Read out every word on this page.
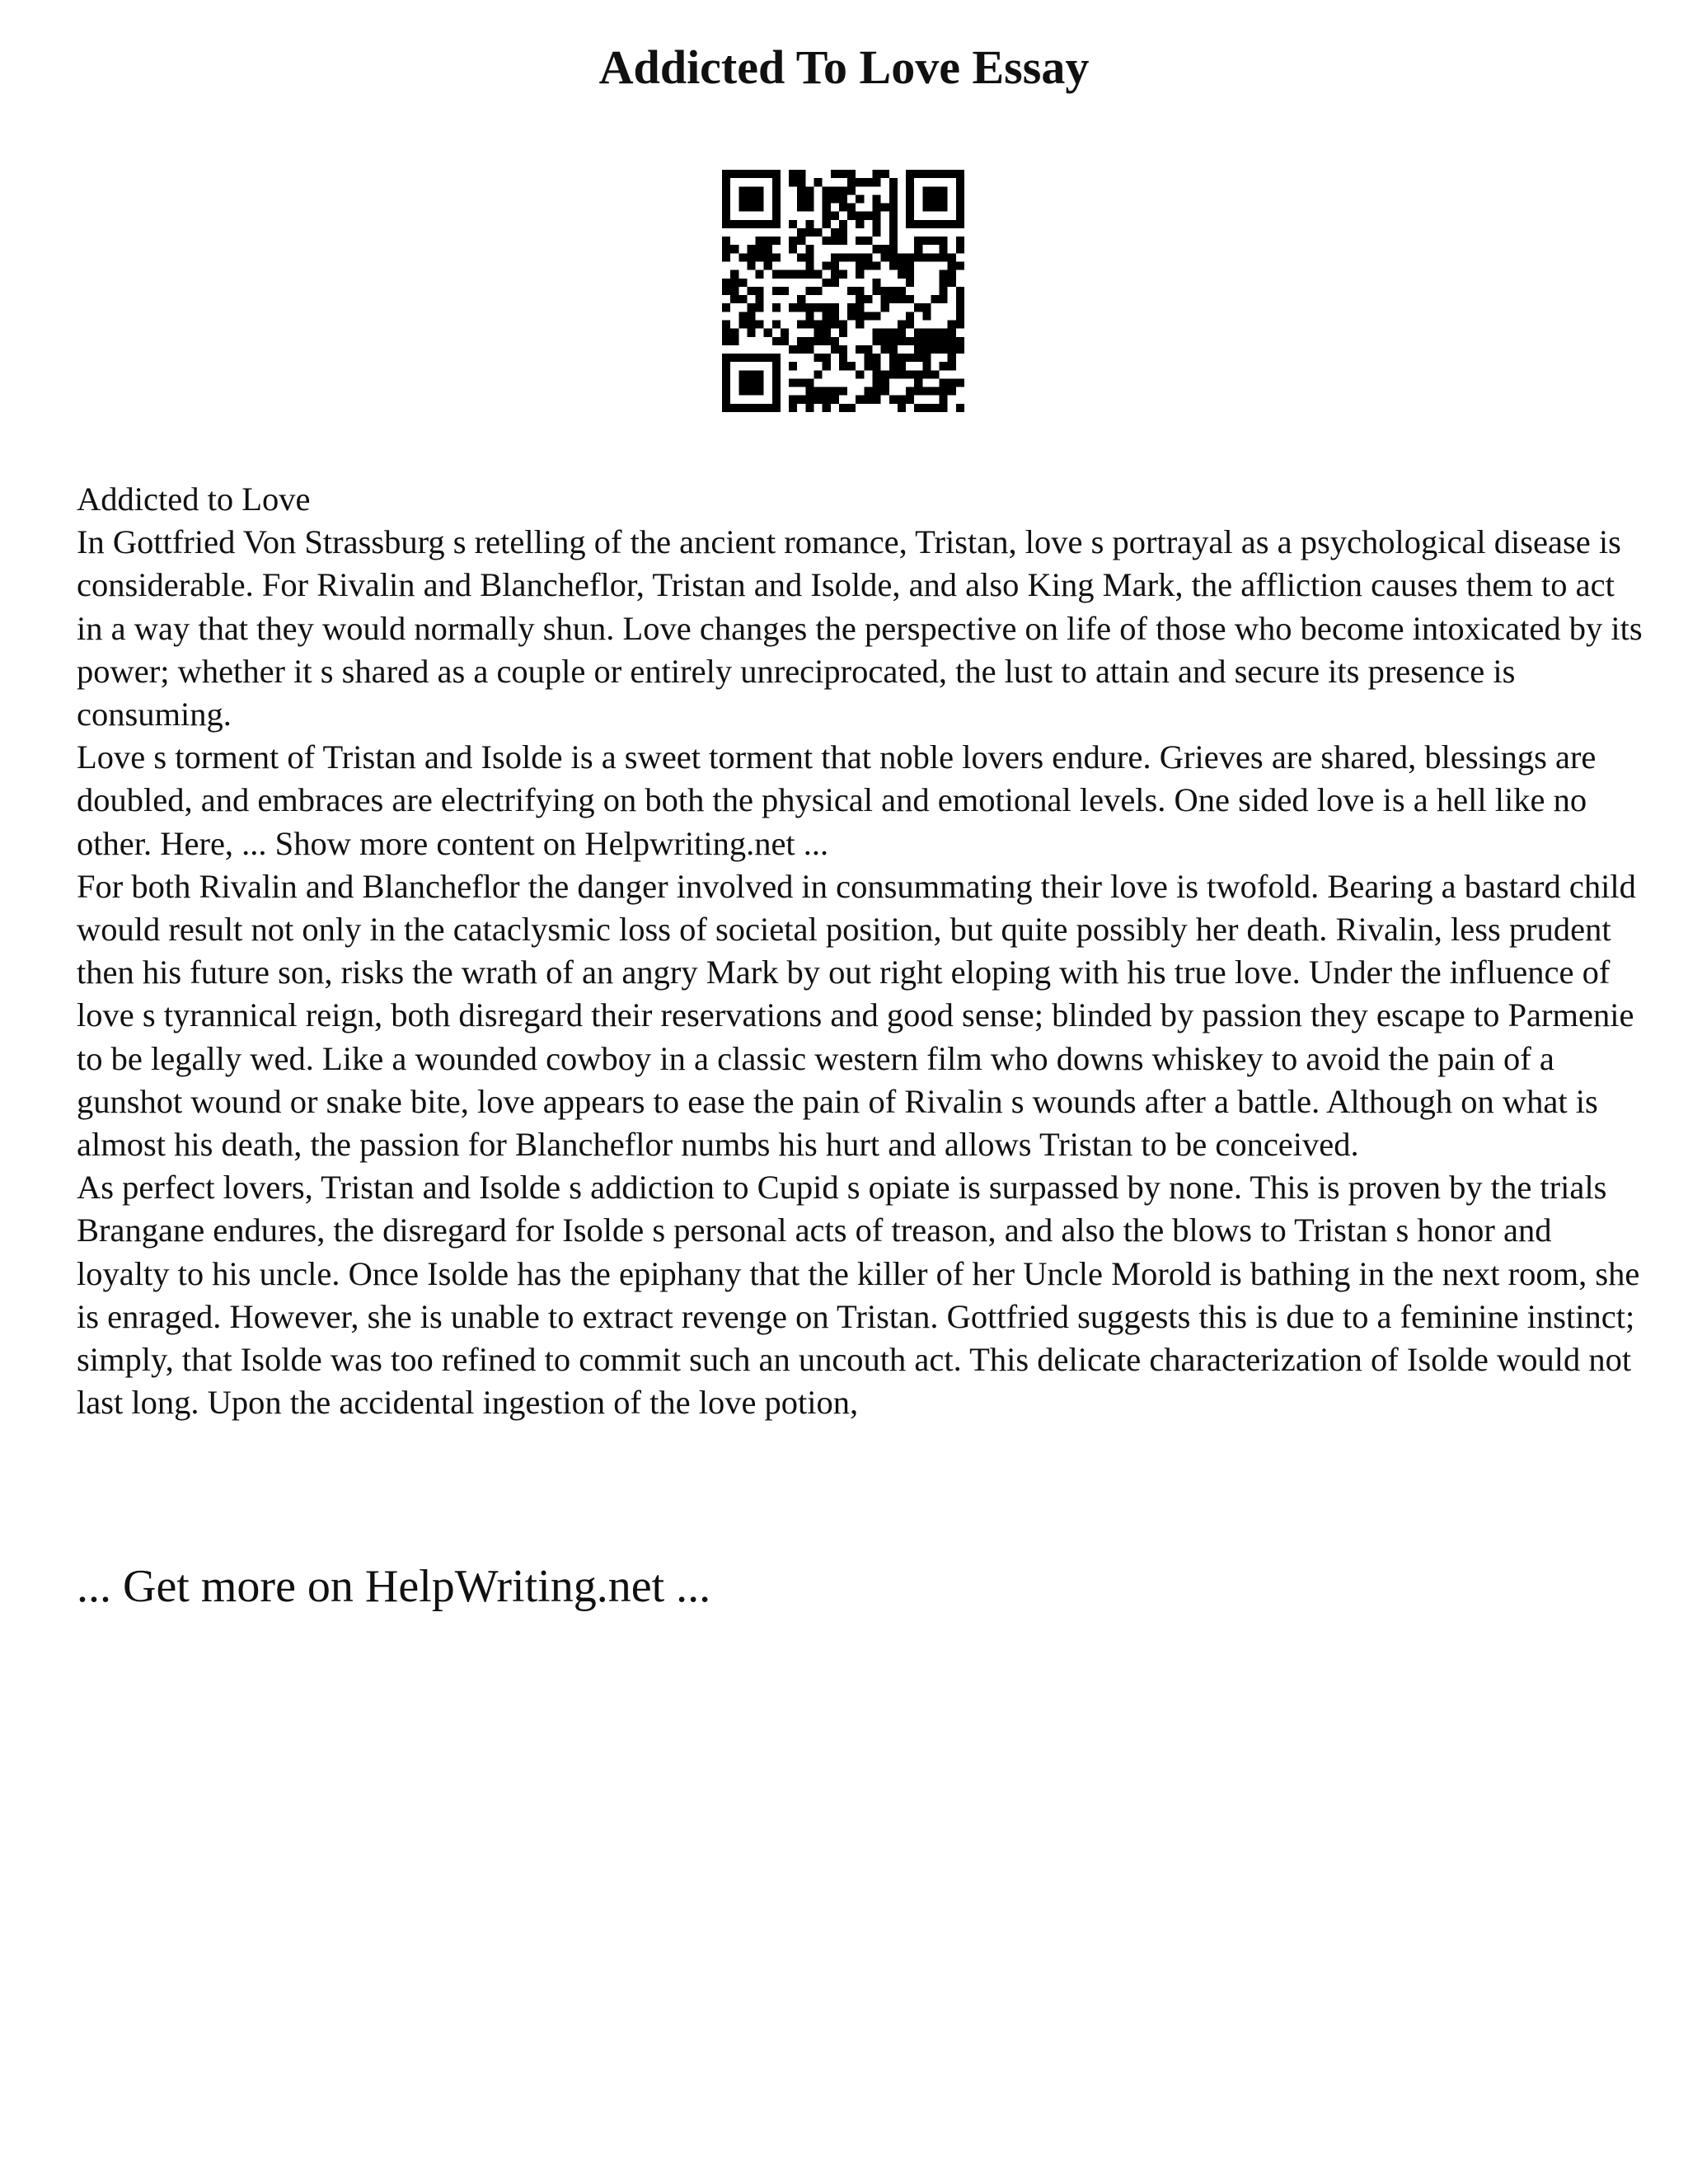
Addicted To Love Essay

Addicted to Love

In Gottfried Von Strassburg s retelling of the ancient romance, Tristan, love s portrayal as a psychological disease is considerable. For Rivalin and Blancheflor, Tristan and Isolde, and also King Mark, the affliction causes them to act in a way that they would normally shun. Love changes the perspective on life of those who become intoxicated by its power; whether it s shared as a couple or entirely unreciprocated, the lust to attain and secure its presence is consuming.

Love s torment of Tristan and Isolde is a sweet torment that noble lovers endure. Grieves are shared, blessings are doubled, and embraces are electrifying on both the physical and emotional levels. One sided love is a hell like no other. Here, ... Show more content on Helpwriting.net ...

For both Rivalin and Blancheflor the danger involved in consummating their love is twofold. Bearing a bastard child would result not only in the cataclysmic loss of societal position, but quite possibly her death. Rivalin, less prudent then his future son, risks the wrath of an angry Mark by out right eloping with his true love. Under the influence of love s tyrannical reign, both disregard their reservations and good sense; blinded by passion they escape to Parmenie to be legally wed. Like a wounded cowboy in a classic western film who downs whiskey to avoid the pain of a gunshot wound or snake bite, love appears to ease the pain of Rivalin s wounds after a battle. Although on what is almost his death, the passion for Blancheflor numbs his hurt and allows Tristan to be conceived.

As perfect lovers, Tristan and Isolde s addiction to Cupid s opiate is surpassed by none. This is proven by the trials Brangane endures, the disregard for Isolde s personal acts of treason, and also the blows to Tristan s honor and loyalty to his uncle. Once Isolde has the epiphany that the killer of her Uncle Morold is bathing in the next room, she is enraged. However, she is unable to extract revenge on Tristan. Gottfried suggests this is due to a feminine instinct; simply, that Isolde was too refined to commit such an uncouth act. This delicate characterization of Isolde would not last long. Upon the accidental ingestion of the love potion,

... Get more on HelpWriting.net ...
